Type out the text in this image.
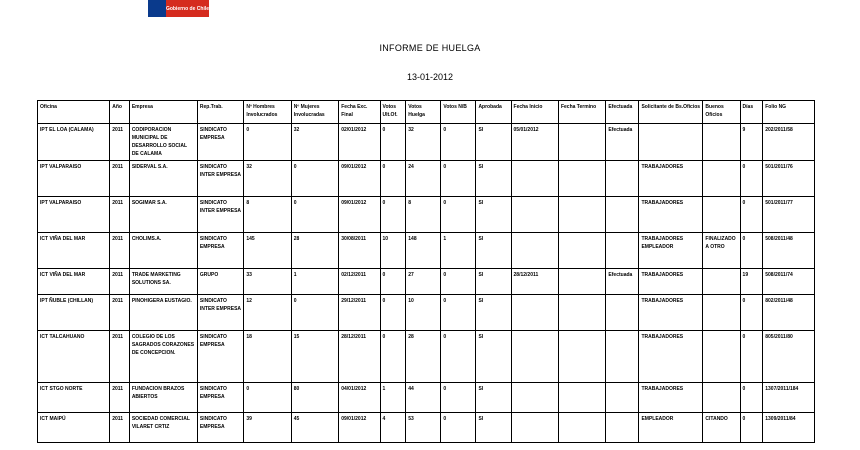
Gobierno de Chile
INFORME DE HUELGA
13-01-2012
Oficina	Año	Empresa	Rep.Trab.	Nº Hombres Involucrados	Nº Mujeres Involucradas	Fecha Exc. Final	Votos Ult.Of.	Votos Huelga	Votos N/B	Aprobada	Fecha Inicio	Fecha Termino	Efectuada	Solicitante de Bs.Oficios	Buenos Oficios	Días	Folio NG
IPT EL LOA (CALAMA)	2011	CODIPORACION MUNICIPAL DE DESARROLLO SOCIAL DE CALAMA	SINDICATO EMPRESA	0	32	02/01/2012	0	32	0	SI	05/01/2012		Efectuada			9	202/2011/58
IPT VALPARAISO	2011	SIDERVAL S.A.	SINDICATO INTER EMPRESA	32	0	09/01/2012	0	24	0	SI				TRABAJADORES		0	501/2011/76
IPT VALPARAISO	2011	SOGIMAR S.A.	SINDICATO INTER EMPRESA	8	0	09/01/2012	0	8	0	SI				TRABAJADORES		0	501/2011/77
ICT VIÑA DEL MAR	2011	CHOLIMS.A.	SINDICATO EMPRESA	145	28	30/08/2011	10	148	1	SI				TRABAJADORES EMPLEADOR	FINALIZADO A OTRO	0	508/2011/48
ICT VIÑA DEL MAR	2011	TRADE MARKETING SOLUTIONS SA.	GRUPO	33	1	02/12/2011	0	27	0	SI	28/12/2011		Efectuada	TRABAJADORES		19	508/2011/74
IPT ÑUBLE (CHILLAN)	2011	PINOHIGERA EUSTAGIO.	SINDICATO INTER EMPRESA	12	0	29/12/2011	0	10	0	SI				TRABAJADORES		0	802/2011/48
ICT TALCAHUANO	2011	COLEGIO DE LOS SAGRADOS CORAZONES DE CONCEPCION.	SINDICATO EMPRESA	18	15	28/12/2011	0	28	0	SI				TRABAJADORES		0	805/2011/80
ICT STGO NORTE	2011	FUNDACION BRAZOS ABIERTOS	SINDICATO EMPRESA	0	80	04/01/2012	1	44	0	SI				TRABAJADORES		0	1307/2011/184
ICT MAIPÚ	2011	SOCIEDAD COMERCIAL VILARET CRTIZ	SINDICATO EMPRESA	39	45	09/01/2012	4	53	0	SI				EMPLEADOR	CITANDO	0	1309/2011/84
